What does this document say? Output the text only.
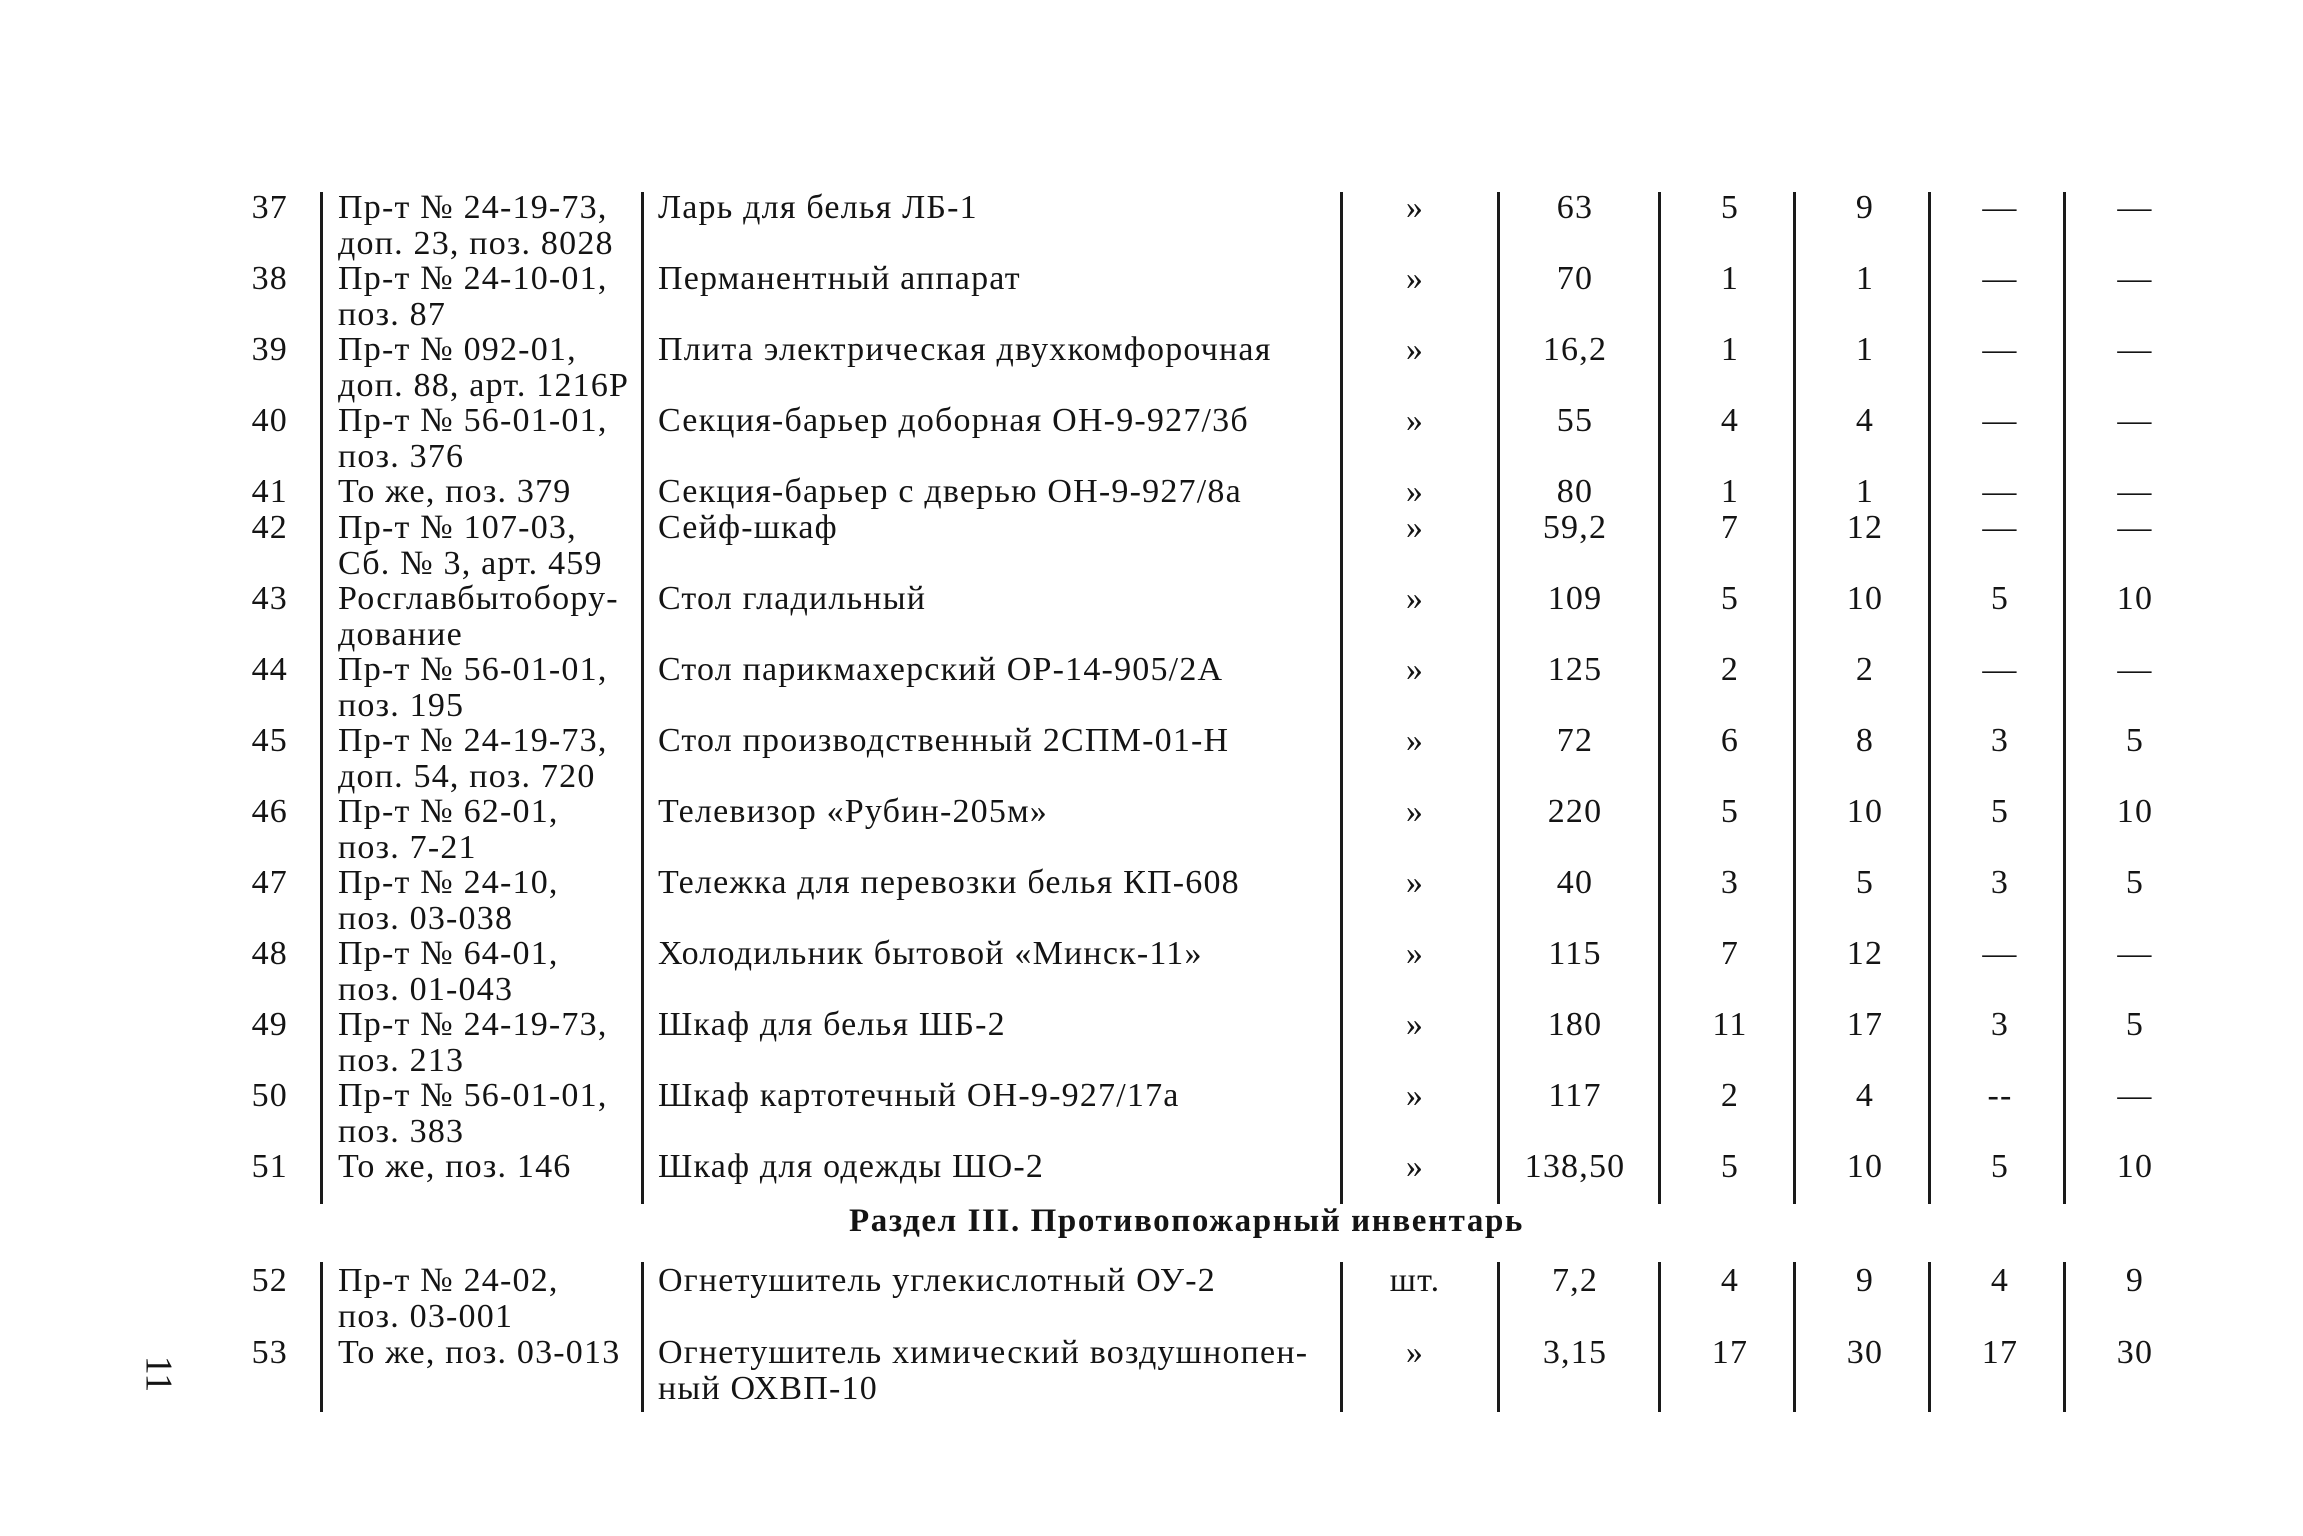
37 Пр-т № 24-19-73,
доп. 23, поз. 8028
Ларь для белья ЛБ-1	»	63	5	9	—	—
38 Пр-т № 24-10-01,
поз. 87
Перманентный аппарат	»	70	1	1	—	—
39 Пр-т № 092-01,
доп. 88, арт. 1216Р
Плита электрическая двухкомфорочная	»	16,2	1	1	—	—
40 Пр-т № 56-01-01,
поз. 376
Секция-барьер доборная ОН-9-927/3б	»	55	4	4	—	—
41 То же, поз. 379	Секция-барьер с дверью ОН-9-927/8а	»	80	1	1	—	—
42 Пр-т № 107-03,
Сб. № 3, арт. 459
Сейф-шкаф	»	59,2	7	12	—	—
43 Росглавбытобору-
дование
Стол гладильный	»	109	5	10	5	10
44 Пр-т № 56-01-01,
поз. 195
Стол парикмахерский ОР-14-905/2А	»	125	2	2	—	—
45 Пр-т № 24-19-73,
доп. 54, поз. 720
Стол производственный 2СПМ-01-Н	»	72	6	8	3	5
46 Пр-т № 62-01,
поз. 7-21
Телевизор «Рубин-205м»	»	220	5	10	5	10
47 Пр-т № 24-10,
поз. 03-038
Тележка для перевозки белья КП-608	»	40	3	5	3	5
48 Пр-т № 64-01,
поз. 01-043
Холодильник бытовой «Минск-11»	»	115	7	12	—	—
49 Пр-т № 24-19-73,
поз. 213
Шкаф для белья ШБ-2	»	180	11	17	3	5
50 Пр-т № 56-01-01,
поз. 383
Шкаф картотечный ОН-9-927/17а	»	117	2	4	--	—
51 То же, поз. 146	Шкаф для одежды ШО-2	»	138,50	5	10	5	10
Раздел III. Противопожарный инвентарь
52 Пр-т № 24-02,
поз. 03-001
Огнетушитель углекислотный ОУ-2	шт.	7,2	4	9	4	9
53 То же, поз. 03-013	Огнетушитель химический воздушнопен-
ный ОХВП-10
»	3,15	17	30	17	30
11
